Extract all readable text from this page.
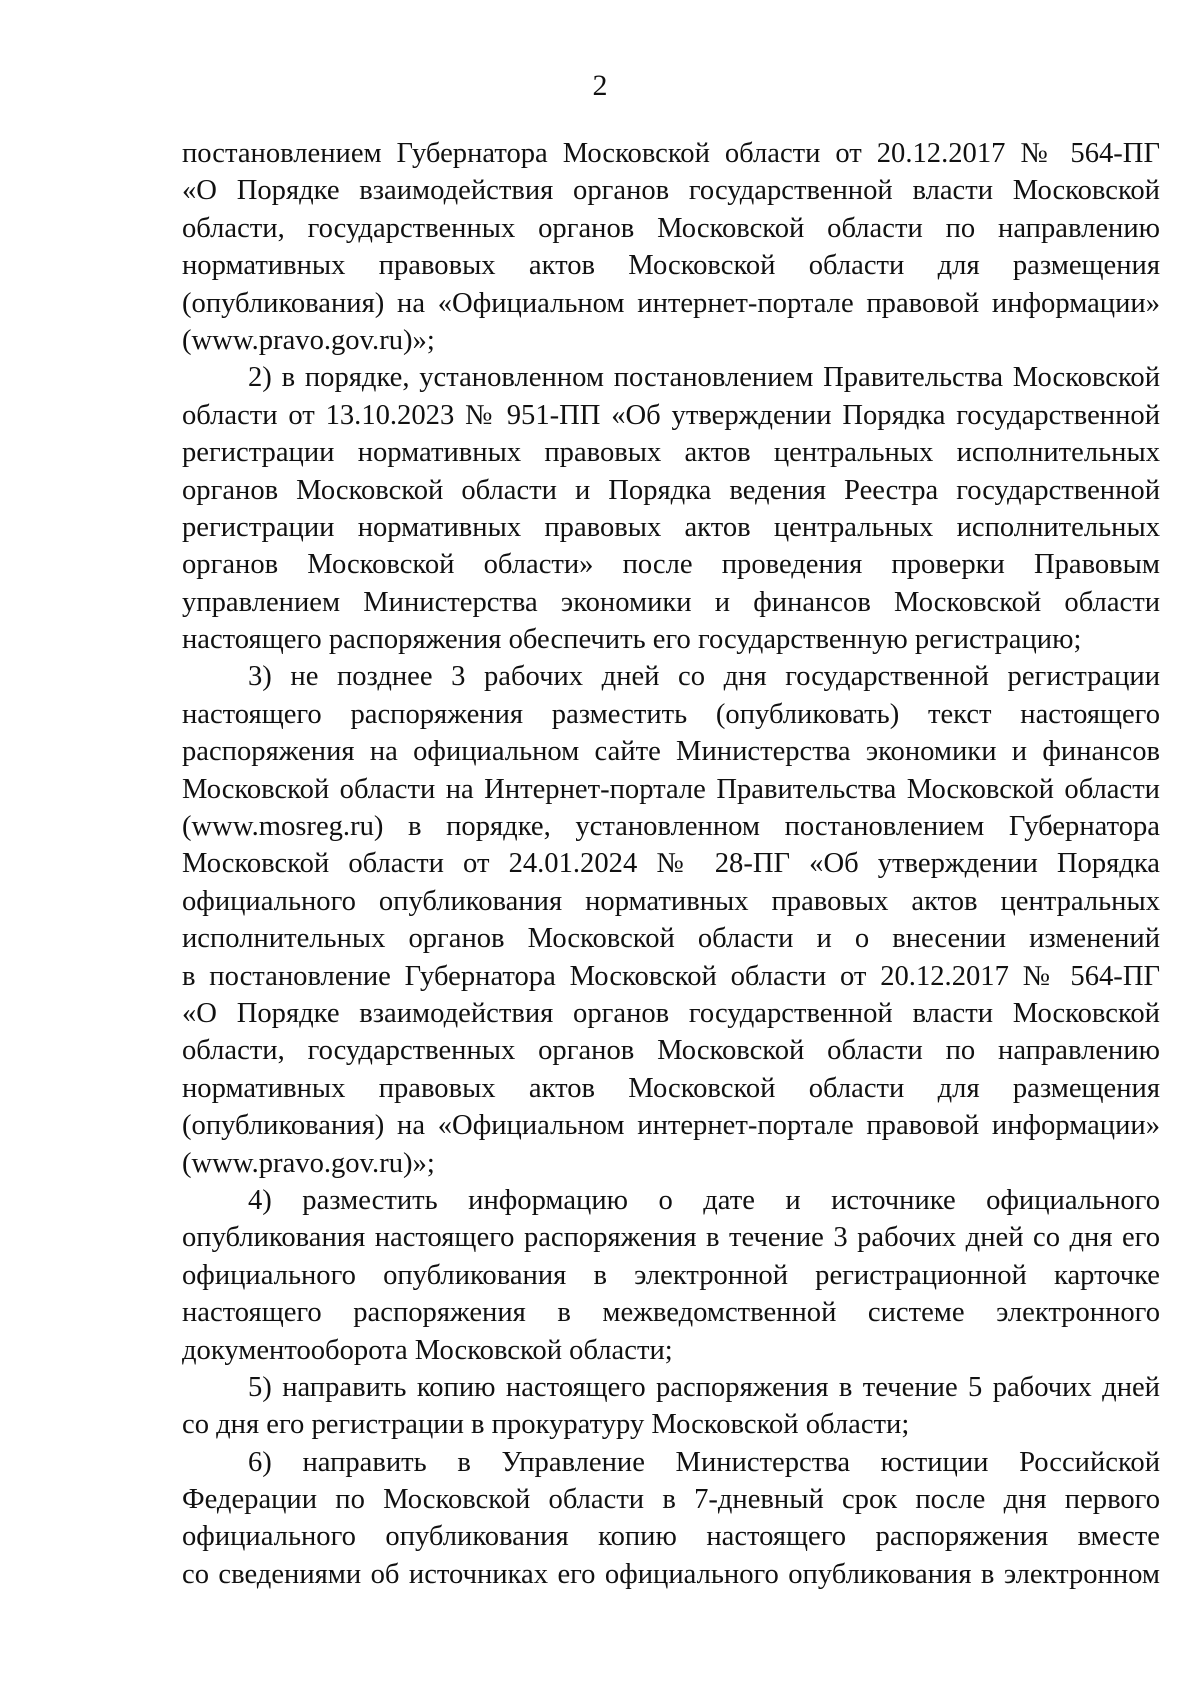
2
постановлением Губернатора Московской области от 20.12.2017 № 564-ПГ
«О Порядке взаимодействия органов государственной власти Московской
области, государственных органов Московской области по направлению
нормативных правовых актов Московской области для размещения
(опубликования) на «Официальном интернет-портале правовой информации»
(www.pravo.gov.ru)»;
2) в порядке, установленном постановлением Правительства Московской
области от 13.10.2023 № 951-ПП «Об утверждении Порядка государственной
регистрации нормативных правовых актов центральных исполнительных
органов Московской области и Порядка ведения Реестра государственной
регистрации нормативных правовых актов центральных исполнительных
органов Московской области» после проведения проверки Правовым
управлением Министерства экономики и финансов Московской области
настоящего распоряжения обеспечить его государственную регистрацию;
3) не позднее 3 рабочих дней со дня государственной регистрации
настоящего распоряжения разместить (опубликовать) текст настоящего
распоряжения на официальном сайте Министерства экономики и финансов
Московской области на Интернет-портале Правительства Московской области
(www.mosreg.ru) в порядке, установленном постановлением Губернатора
Московской области от 24.01.2024 № 28-ПГ «Об утверждении Порядка
официального опубликования нормативных правовых актов центральных
исполнительных органов Московской области и о внесении изменений
в постановление Губернатора Московской области от 20.12.2017 № 564-ПГ
«О Порядке взаимодействия органов государственной власти Московской
области, государственных органов Московской области по направлению
нормативных правовых актов Московской области для размещения
(опубликования) на «Официальном интернет-портале правовой информации»
(www.pravo.gov.ru)»;
4) разместить информацию о дате и источнике официального
опубликования настоящего распоряжения в течение 3 рабочих дней со дня его
официального опубликования в электронной регистрационной карточке
настоящего распоряжения в межведомственной системе электронного
документооборота Московской области;
5) направить копию настоящего распоряжения в течение 5 рабочих дней
со дня его регистрации в прокуратуру Московской области;
6) направить в Управление Министерства юстиции Российской
Федерации по Московской области в 7-дневный срок после дня первого
официального опубликования копию настоящего распоряжения вместе
со сведениями об источниках его официального опубликования в электронном
